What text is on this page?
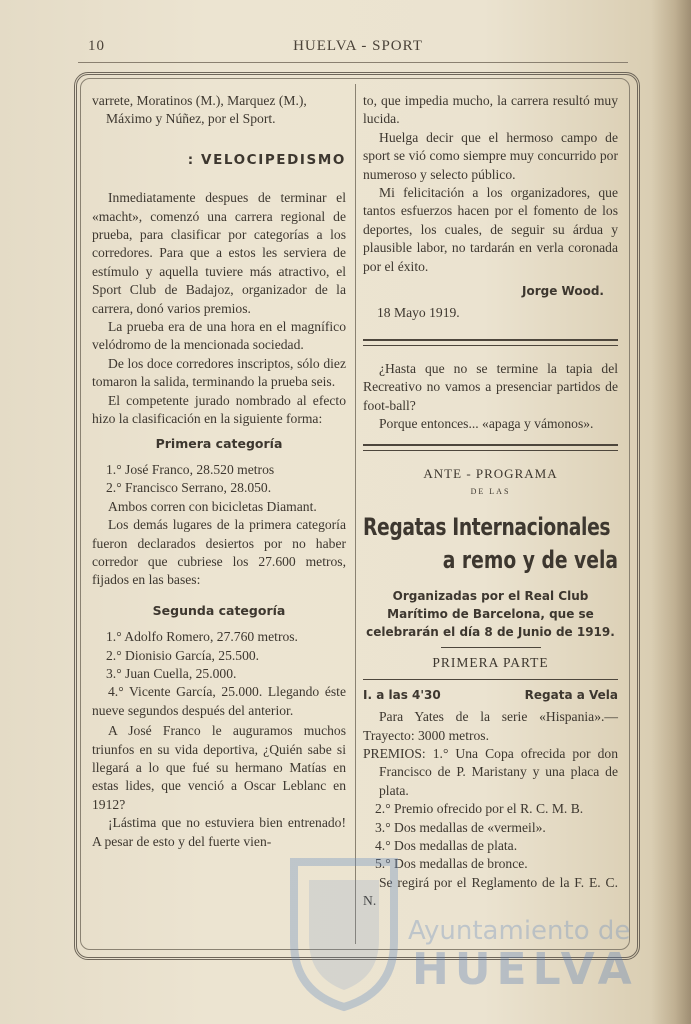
10	HUELVA - SPORT

varrete, Moratinos (M.), Marquez (M.),

Máximo y Núñez, por el Sport.

: VELOCIPEDISMO

Inmediatamente despues de terminar el «macht», comenzó una carrera regional de prueba, para clasificar por categorías a los corredores. Para que a estos les serviera de estímulo y aquella tuviere más atractivo, el Sport Club de Badajoz, organizador de la carrera, donó varios premios.

La prueba era de una hora en el magnífico velódromo de la mencionada sociedad.

De los doce corredores inscriptos, sólo diez tomaron la salida, terminando la prueba seis.

El competente jurado nombrado al efecto hizo la clasificación en la siguiente forma:

Primera categoría

1.° José Franco, 28.520 metros

2.° Francisco Serrano, 28.050.

Ambos corren con bicicletas Diamant.

Los demás lugares de la primera categoría fueron declarados desiertos por no haber corredor que cubriese los 27.600 metros, fijados en las bases:

Segunda categoría

1.° Adolfo Romero, 27.760 metros.

2.° Dionisio García, 25.500.

3.° Juan Cuella, 25.000.

4.° Vicente García, 25.000. Llegando éste nueve segundos después del anterior.

A José Franco le auguramos muchos triunfos en su vida deportiva, ¿Quién sabe si llegará a lo que fué su hermano Matías en estas lides, que venció a Oscar Leblanc en 1912?

¡Lástima que no estuviera bien entrenado! A pesar de esto y del fuerte vien-

to, que impedia mucho, la carrera resultó muy lucida.

Huelga decir que el hermoso campo de sport se vió como siempre muy concurrido por numeroso y selecto público.

Mi felicitación a los organizadores, que tantos esfuerzos hacen por el fomento de los deportes, los cuales, de seguir su árdua y plausible labor, no tardarán en verla coronada por el éxito.

Jorge Wood.

18 Mayo 1919.

¿Hasta que no se termine la tapia del Recreativo no vamos a presenciar partidos de foot-ball?

Porque entonces... «apaga y vámonos».

ANTE - PROGRAMA

DE LAS

Regatas Internacionales

a remo y de vela

Organizadas por el Real Club Marítimo de Barcelona, que se celebrarán el día 8 de Junio de 1919.

PRIMERA PARTE

I. a las 4'30	Regata a Vela

Para Yates de la serie «Hispania».— Trayecto: 3000 metros.

PREMIOS: 1.° Una Copa ofrecida por don Francisco de P. Maristany y una placa de plata.

2.° Premio ofrecido por el R. C. M. B.

3.° Dos medallas de «vermeil».

4.° Dos medallas de plata.

5.° Dos medallas de bronce.

Se regirá por el Reglamento de la F. E. C. N.

Ayuntamiento de
HUELVA
